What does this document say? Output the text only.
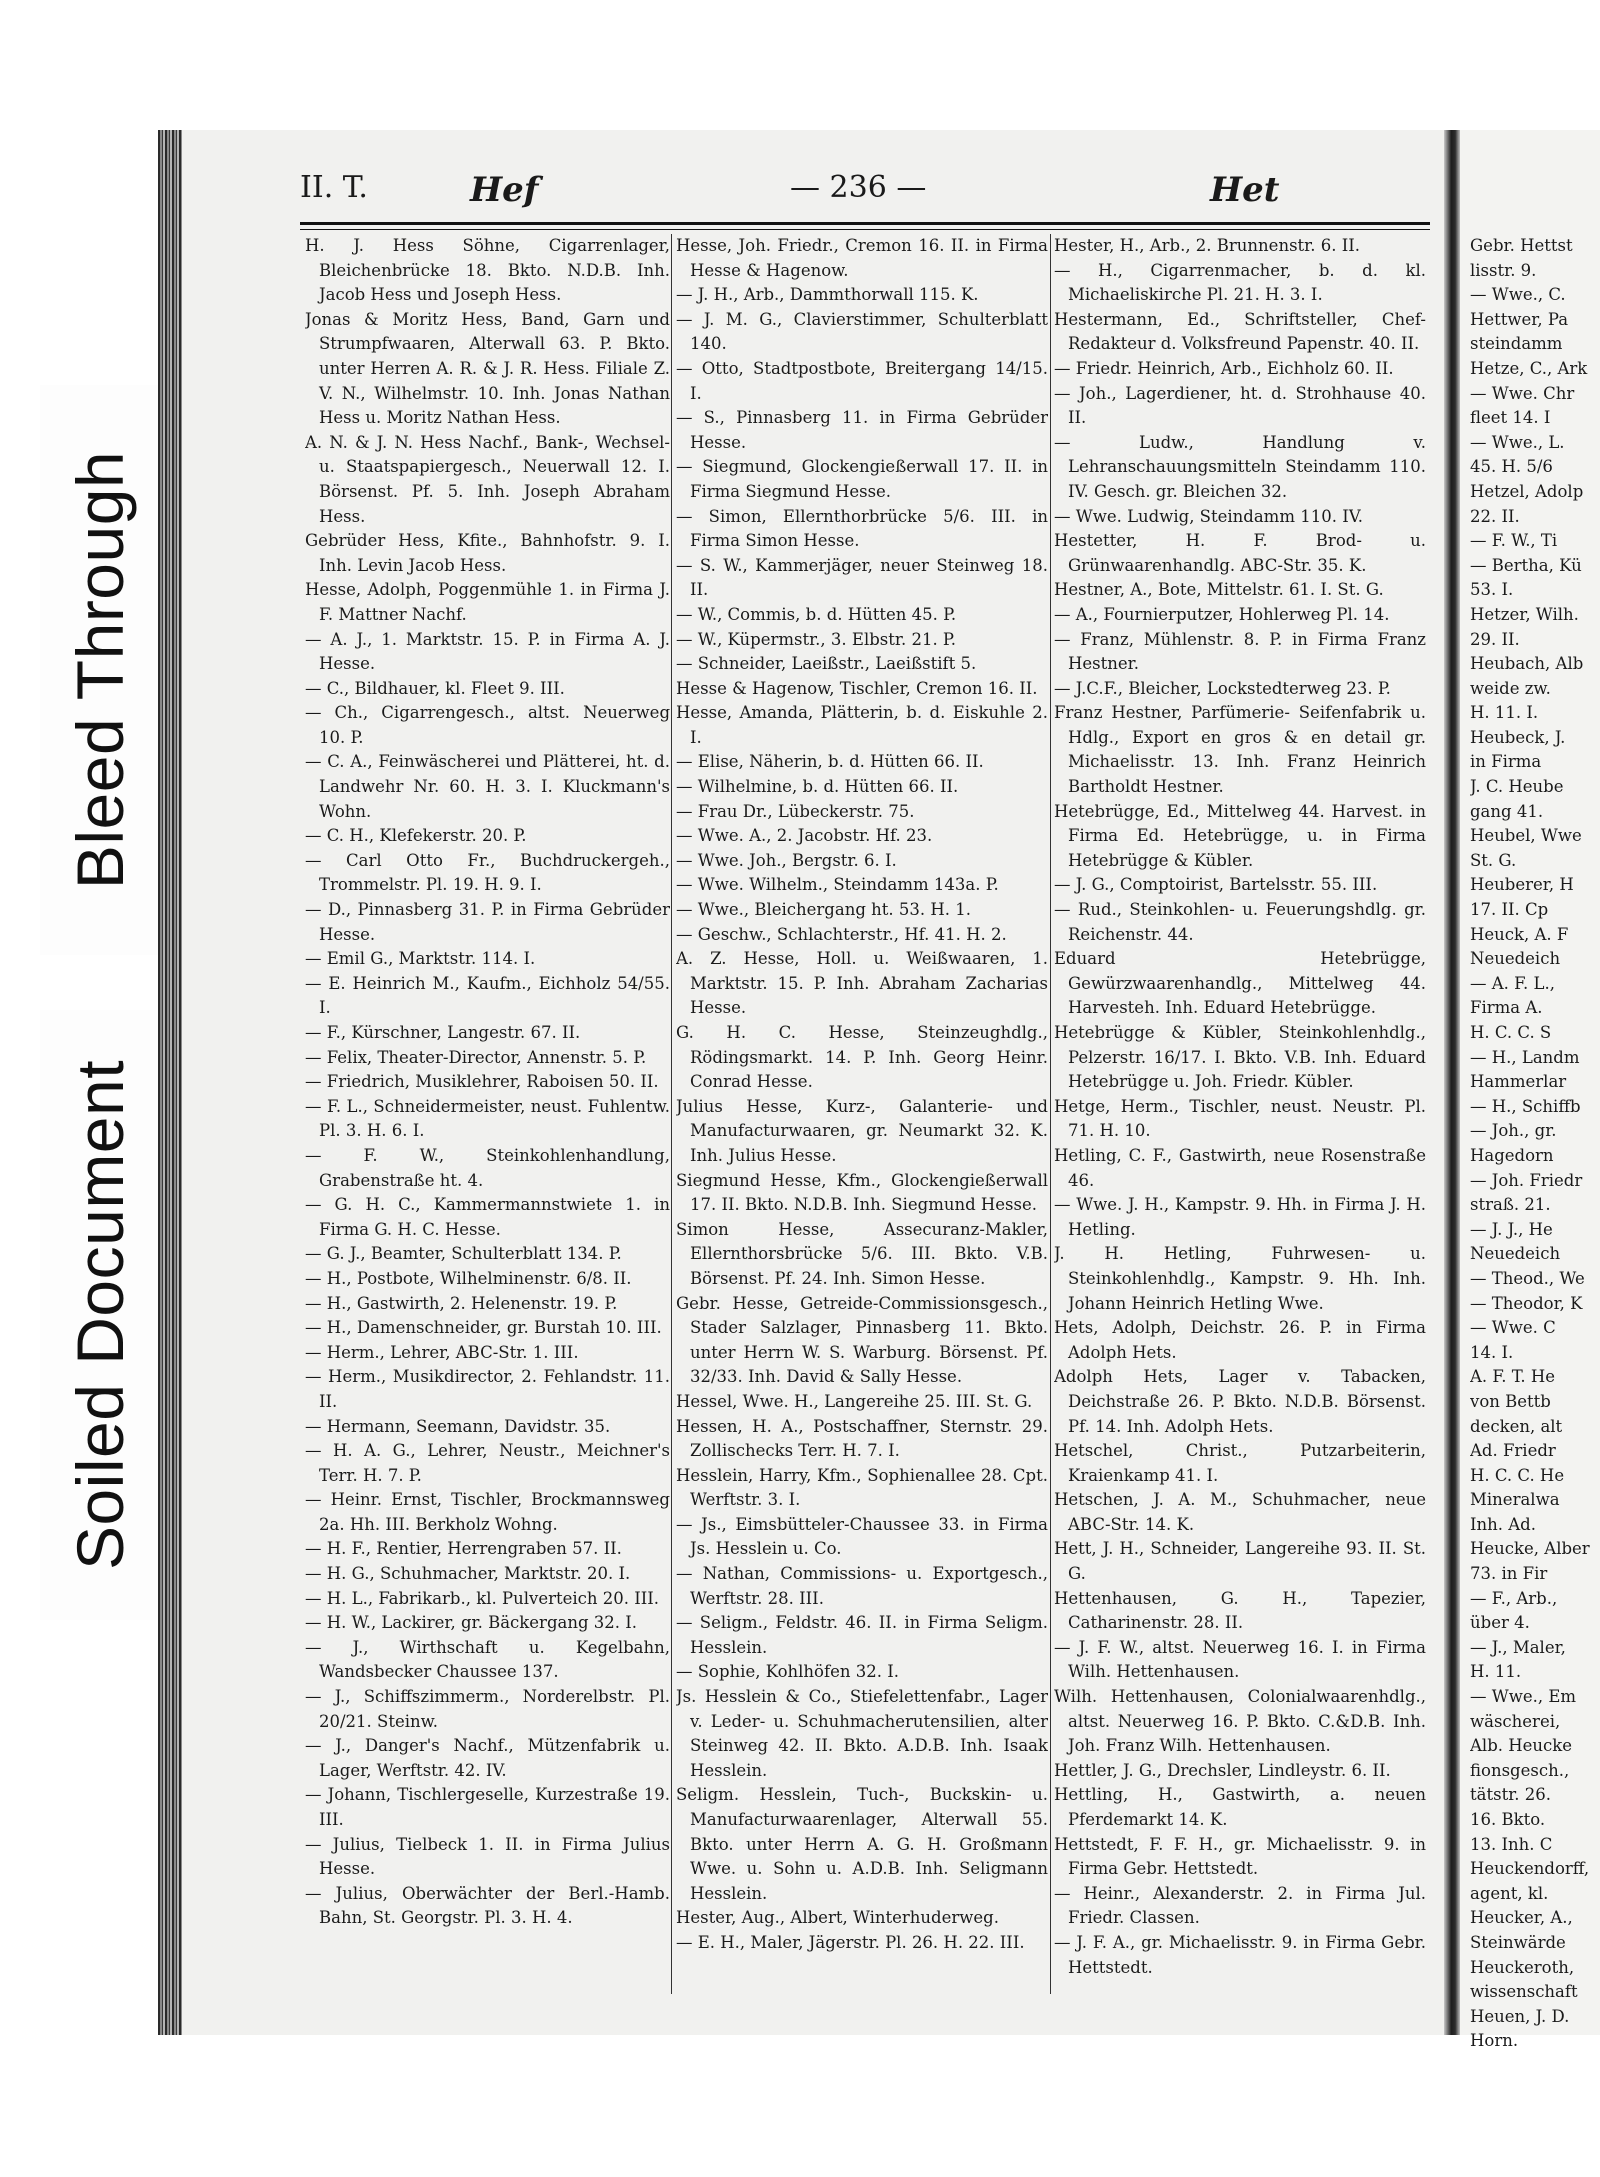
Bleed Through
Soiled Document
II. T.	Hef	— 236 —	Het

H. J. Hess Söhne, Cigarrenlager, Bleichenbrücke 18. Bkto. N.D.B. Inh. Jacob Hess und Joseph Hess.

Jonas & Moritz Hess, Band, Garn und Strumpfwaaren, Alterwall 63. P. Bkto. unter Herren A. R. & J. R. Hess. Filiale Z. V. N., Wilhelmstr. 10. Inh. Jonas Nathan Hess u. Moritz Nathan Hess.

A. N. & J. N. Hess Nachf., Bank-, Wechsel- u. Staatspapiergesch., Neuerwall 12. I. Börsenst. Pf. 5. Inh. Joseph Abraham Hess.

Gebrüder Hess, Kfite., Bahnhofstr. 9. I. Inh. Levin Jacob Hess.

Hesse, Adolph, Poggenmühle 1. in Firma J. F. Mattner Nachf.

— A. J., 1. Marktstr. 15. P. in Firma A. J. Hesse.

— C., Bildhauer, kl. Fleet 9. III.

— Ch., Cigarrengesch., altst. Neuerweg 10. P.

— C. A., Feinwäscherei und Plätterei, ht. d. Landwehr Nr. 60. H. 3. I. Kluckmann's Wohn.

— C. H., Klefekerstr. 20. P.

— Carl Otto Fr., Buchdruckergeh., Trommelstr. Pl. 19. H. 9. I.

— D., Pinnasberg 31. P. in Firma Gebrüder Hesse.

— Emil G., Marktstr. 114. I.

— E. Heinrich M., Kaufm., Eichholz 54/55. I.

— F., Kürschner, Langestr. 67. II.

— Felix, Theater-Director, Annenstr. 5. P.

— Friedrich, Musiklehrer, Raboisen 50. II.

— F. L., Schneidermeister, neust. Fuhlentw. Pl. 3. H. 6. I.

— F. W., Steinkohlenhandlung, Grabenstraße ht. 4.

— G. H. C., Kammermannstwiete 1. in Firma G. H. C. Hesse.

— G. J., Beamter, Schulterblatt 134. P.

— H., Postbote, Wilhelminenstr. 6/8. II.

— H., Gastwirth, 2. Helenenstr. 19. P.

— H., Damenschneider, gr. Burstah 10. III.

— Herm., Lehrer, ABC-Str. 1. III.

— Herm., Musikdirector, 2. Fehlandstr. 11. II.

— Hermann, Seemann, Davidstr. 35.

— H. A. G., Lehrer, Neustr., Meichner's Terr. H. 7. P.

— Heinr. Ernst, Tischler, Brockmannsweg 2a. Hh. III. Berkholz Wohng.

— H. F., Rentier, Herrengraben 57. II.

— H. G., Schuhmacher, Marktstr. 20. I.

— H. L., Fabrikarb., kl. Pulverteich 20. III.

— H. W., Lackirer, gr. Bäckergang 32. I.

— J., Wirthschaft u. Kegelbahn, Wandsbecker Chaussee 137.

— J., Schiffszimmerm., Norderelbstr. Pl. 20/21. Steinw.

— J., Danger's Nachf., Mützenfabrik u. Lager, Werftstr. 42. IV.

— Johann, Tischlergeselle, Kurzestraße 19. III.

— Julius, Tielbeck 1. II. in Firma Julius Hesse.

— Julius, Oberwächter der Berl.-Hamb. Bahn, St. Georgstr. Pl. 3. H. 4.

Hesse, Joh. Friedr., Cremon 16. II. in Firma Hesse & Hagenow.

— J. H., Arb., Dammthorwall 115. K.

— J. M. G., Clavierstimmer, Schulterblatt 140.

— Otto, Stadtpostbote, Breitergang 14/15. I.

— S., Pinnasberg 11. in Firma Gebrüder Hesse.

— Siegmund, Glockengießerwall 17. II. in Firma Siegmund Hesse.

— Simon, Ellernthorbrücke 5/6. III. in Firma Simon Hesse.

— S. W., Kammerjäger, neuer Steinweg 18. II.

— W., Commis, b. d. Hütten 45. P.

— W., Küpermstr., 3. Elbstr. 21. P.

— Schneider, Laeißstr., Laeißstift 5.

Hesse & Hagenow, Tischler, Cremon 16. II.

Hesse, Amanda, Plätterin, b. d. Eiskuhle 2. I.

— Elise, Näherin, b. d. Hütten 66. II.

— Wilhelmine, b. d. Hütten 66. II.

— Frau Dr., Lübeckerstr. 75.

— Wwe. A., 2. Jacobstr. Hf. 23.

— Wwe. Joh., Bergstr. 6. I.

— Wwe. Wilhelm., Steindamm 143a. P.

— Wwe., Bleichergang ht. 53. H. 1.

— Geschw., Schlachterstr., Hf. 41. H. 2.

A. Z. Hesse, Holl. u. Weißwaaren, 1. Marktstr. 15. P. Inh. Abraham Zacharias Hesse.

G. H. C. Hesse, Steinzeughdlg., Rödingsmarkt. 14. P. Inh. Georg Heinr. Conrad Hesse.

Julius Hesse, Kurz-, Galanterie- und Manufacturwaaren, gr. Neumarkt 32. K. Inh. Julius Hesse.

Siegmund Hesse, Kfm., Glockengießerwall 17. II. Bkto. N.D.B. Inh. Siegmund Hesse.

Simon Hesse, Assecuranz-Makler, Ellernthorsbrücke 5/6. III. Bkto. V.B. Börsenst. Pf. 24. Inh. Simon Hesse.

Gebr. Hesse, Getreide-Commissionsgesch., Stader Salzlager, Pinnasberg 11. Bkto. unter Herrn W. S. Warburg. Börsenst. Pf. 32/33. Inh. David & Sally Hesse.

Hessel, Wwe. H., Langereihe 25. III. St. G.

Hessen, H. A., Postschaffner, Sternstr. 29. Zollischecks Terr. H. 7. I.

Hesslein, Harry, Kfm., Sophienallee 28. Cpt. Werftstr. 3. I.

— Js., Eimsbütteler-Chaussee 33. in Firma Js. Hesslein u. Co.

— Nathan, Commissions- u. Exportgesch., Werftstr. 28. III.

— Seligm., Feldstr. 46. II. in Firma Seligm. Hesslein.

— Sophie, Kohlhöfen 32. I.

Js. Hesslein & Co., Stiefelettenfabr., Lager v. Leder- u. Schuhmacherutensilien, alter Steinweg 42. II. Bkto. A.D.B. Inh. Isaak Hesslein.

Seligm. Hesslein, Tuch-, Buckskin- u. Manufacturwaarenlager, Alterwall 55. Bkto. unter Herrn A. G. H. Großmann Wwe. u. Sohn u. A.D.B. Inh. Seligmann Hesslein.

Hester, Aug., Albert, Winterhuderweg.

— E. H., Maler, Jägerstr. Pl. 26. H. 22. III.

Hester, H., Arb., 2. Brunnenstr. 6. II.

— H., Cigarrenmacher, b. d. kl. Michaeliskirche Pl. 21. H. 3. I.

Hestermann, Ed., Schriftsteller, Chef-Redakteur d. Volksfreund Papenstr. 40. II.

— Friedr. Heinrich, Arb., Eichholz 60. II.

— Joh., Lagerdiener, ht. d. Strohhause 40. II.

— Ludw., Handlung v. Lehranschauungsmitteln Steindamm 110. IV. Gesch. gr. Bleichen 32.

— Wwe. Ludwig, Steindamm 110. IV.

Hestetter, H. F. Brod- u. Grünwaarenhandlg. ABC-Str. 35. K.

Hestner, A., Bote, Mittelstr. 61. I. St. G.

— A., Fournierputzer, Hohlerweg Pl. 14.

— Franz, Mühlenstr. 8. P. in Firma Franz Hestner.

— J.C.F., Bleicher, Lockstedterweg 23. P.

Franz Hestner, Parfümerie- Seifenfabrik u. Hdlg., Export en gros & en detail gr. Michaelisstr. 13. Inh. Franz Heinrich Bartholdt Hestner.

Hetebrügge, Ed., Mittelweg 44. Harvest. in Firma Ed. Hetebrügge, u. in Firma Hetebrügge & Kübler.

— J. G., Comptoirist, Bartelsstr. 55. III.

— Rud., Steinkohlen- u. Feuerungshdlg. gr. Reichenstr. 44.

Eduard Hetebrügge, Gewürzwaarenhandlg., Mittelweg 44. Harvesteh. Inh. Eduard Hetebrügge.

Hetebrügge & Kübler, Steinkohlenhdlg., Pelzerstr. 16/17. I. Bkto. V.B. Inh. Eduard Hetebrügge u. Joh. Friedr. Kübler.

Hetge, Herm., Tischler, neust. Neustr. Pl. 71. H. 10.

Hetling, C. F., Gastwirth, neue Rosenstraße 46.

— Wwe. J. H., Kampstr. 9. Hh. in Firma J. H. Hetling.

J. H. Hetling, Fuhrwesen- u. Steinkohlenhdlg., Kampstr. 9. Hh. Inh. Johann Heinrich Hetling Wwe.

Hets, Adolph, Deichstr. 26. P. in Firma Adolph Hets.

Adolph Hets, Lager v. Tabacken, Deichstraße 26. P. Bkto. N.D.B. Börsenst. Pf. 14. Inh. Adolph Hets.

Hetschel, Christ., Putzarbeiterin, Kraienkamp 41. I.

Hetschen, J. A. M., Schuhmacher, neue ABC-Str. 14. K.

Hett, J. H., Schneider, Langereihe 93. II. St. G.

Hettenhausen, G. H., Tapezier, Catharinenstr. 28. II.

— J. F. W., altst. Neuerweg 16. I. in Firma Wilh. Hettenhausen.

Wilh. Hettenhausen, Colonialwaarenhdlg., altst. Neuerweg 16. P. Bkto. C.&D.B. Inh. Joh. Franz Wilh. Hettenhausen.

Hettler, J. G., Drechsler, Lindleystr. 6. II.

Hettling, H., Gastwirth, a. neuen Pferdemarkt 14. K.

Hettstedt, F. F. H., gr. Michaelisstr. 9. in Firma Gebr. Hettstedt.

— Heinr., Alexanderstr. 2. in Firma Jul. Friedr. Classen.

— J. F. A., gr. Michaelisstr. 9. in Firma Gebr. Hettstedt.

Gebr. Hettst

lisstr. 9.

— Wwe., C.

Hettwer, Pa

steindamm

Hetze, C., Ark

— Wwe. Chr

fleet 14. I

— Wwe., L.

45. H. 5/6

Hetzel, Adolp

22. II.

— F. W., Ti

— Bertha, Kü

53. I.

Hetzer, Wilh.

29. II.

Heubach, Alb

weide zw.

H. 11. I.

Heubeck, J.

in Firma

J. C. Heube

gang 41.

Heubel, Wwe

St. G.

Heuberer, H

17. II. Cp

Heuck, A. F

Neuedeich

— A. F. L.,

Firma A.

H. C. C. S

— H., Landm

Hammerlar

— H., Schiffb

— Joh., gr.

Hagedorn

— Joh. Friedr

straß. 21.

— J. J., He

Neuedeich

— Theod., We

— Theodor, K

— Wwe. C

14. I.

A. F. T. He

von Bettb

decken, alt

Ad. Friedr

H. C. C. He

Mineralwa

Inh. Ad.

Heucke, Alber

73. in Fir

— F., Arb.,

über 4.

— J., Maler,

H. 11.

— Wwe., Em

wäscherei,

Alb. Heucke

fionsgesch.,

tätstr. 26.

16. Bkto.

13. Inh. C

Heuckendorff,

agent, kl.

Heucker, A.,

Steinwärde

Heuckeroth,

wissenschaft

Heuen, J. D.

Horn.
